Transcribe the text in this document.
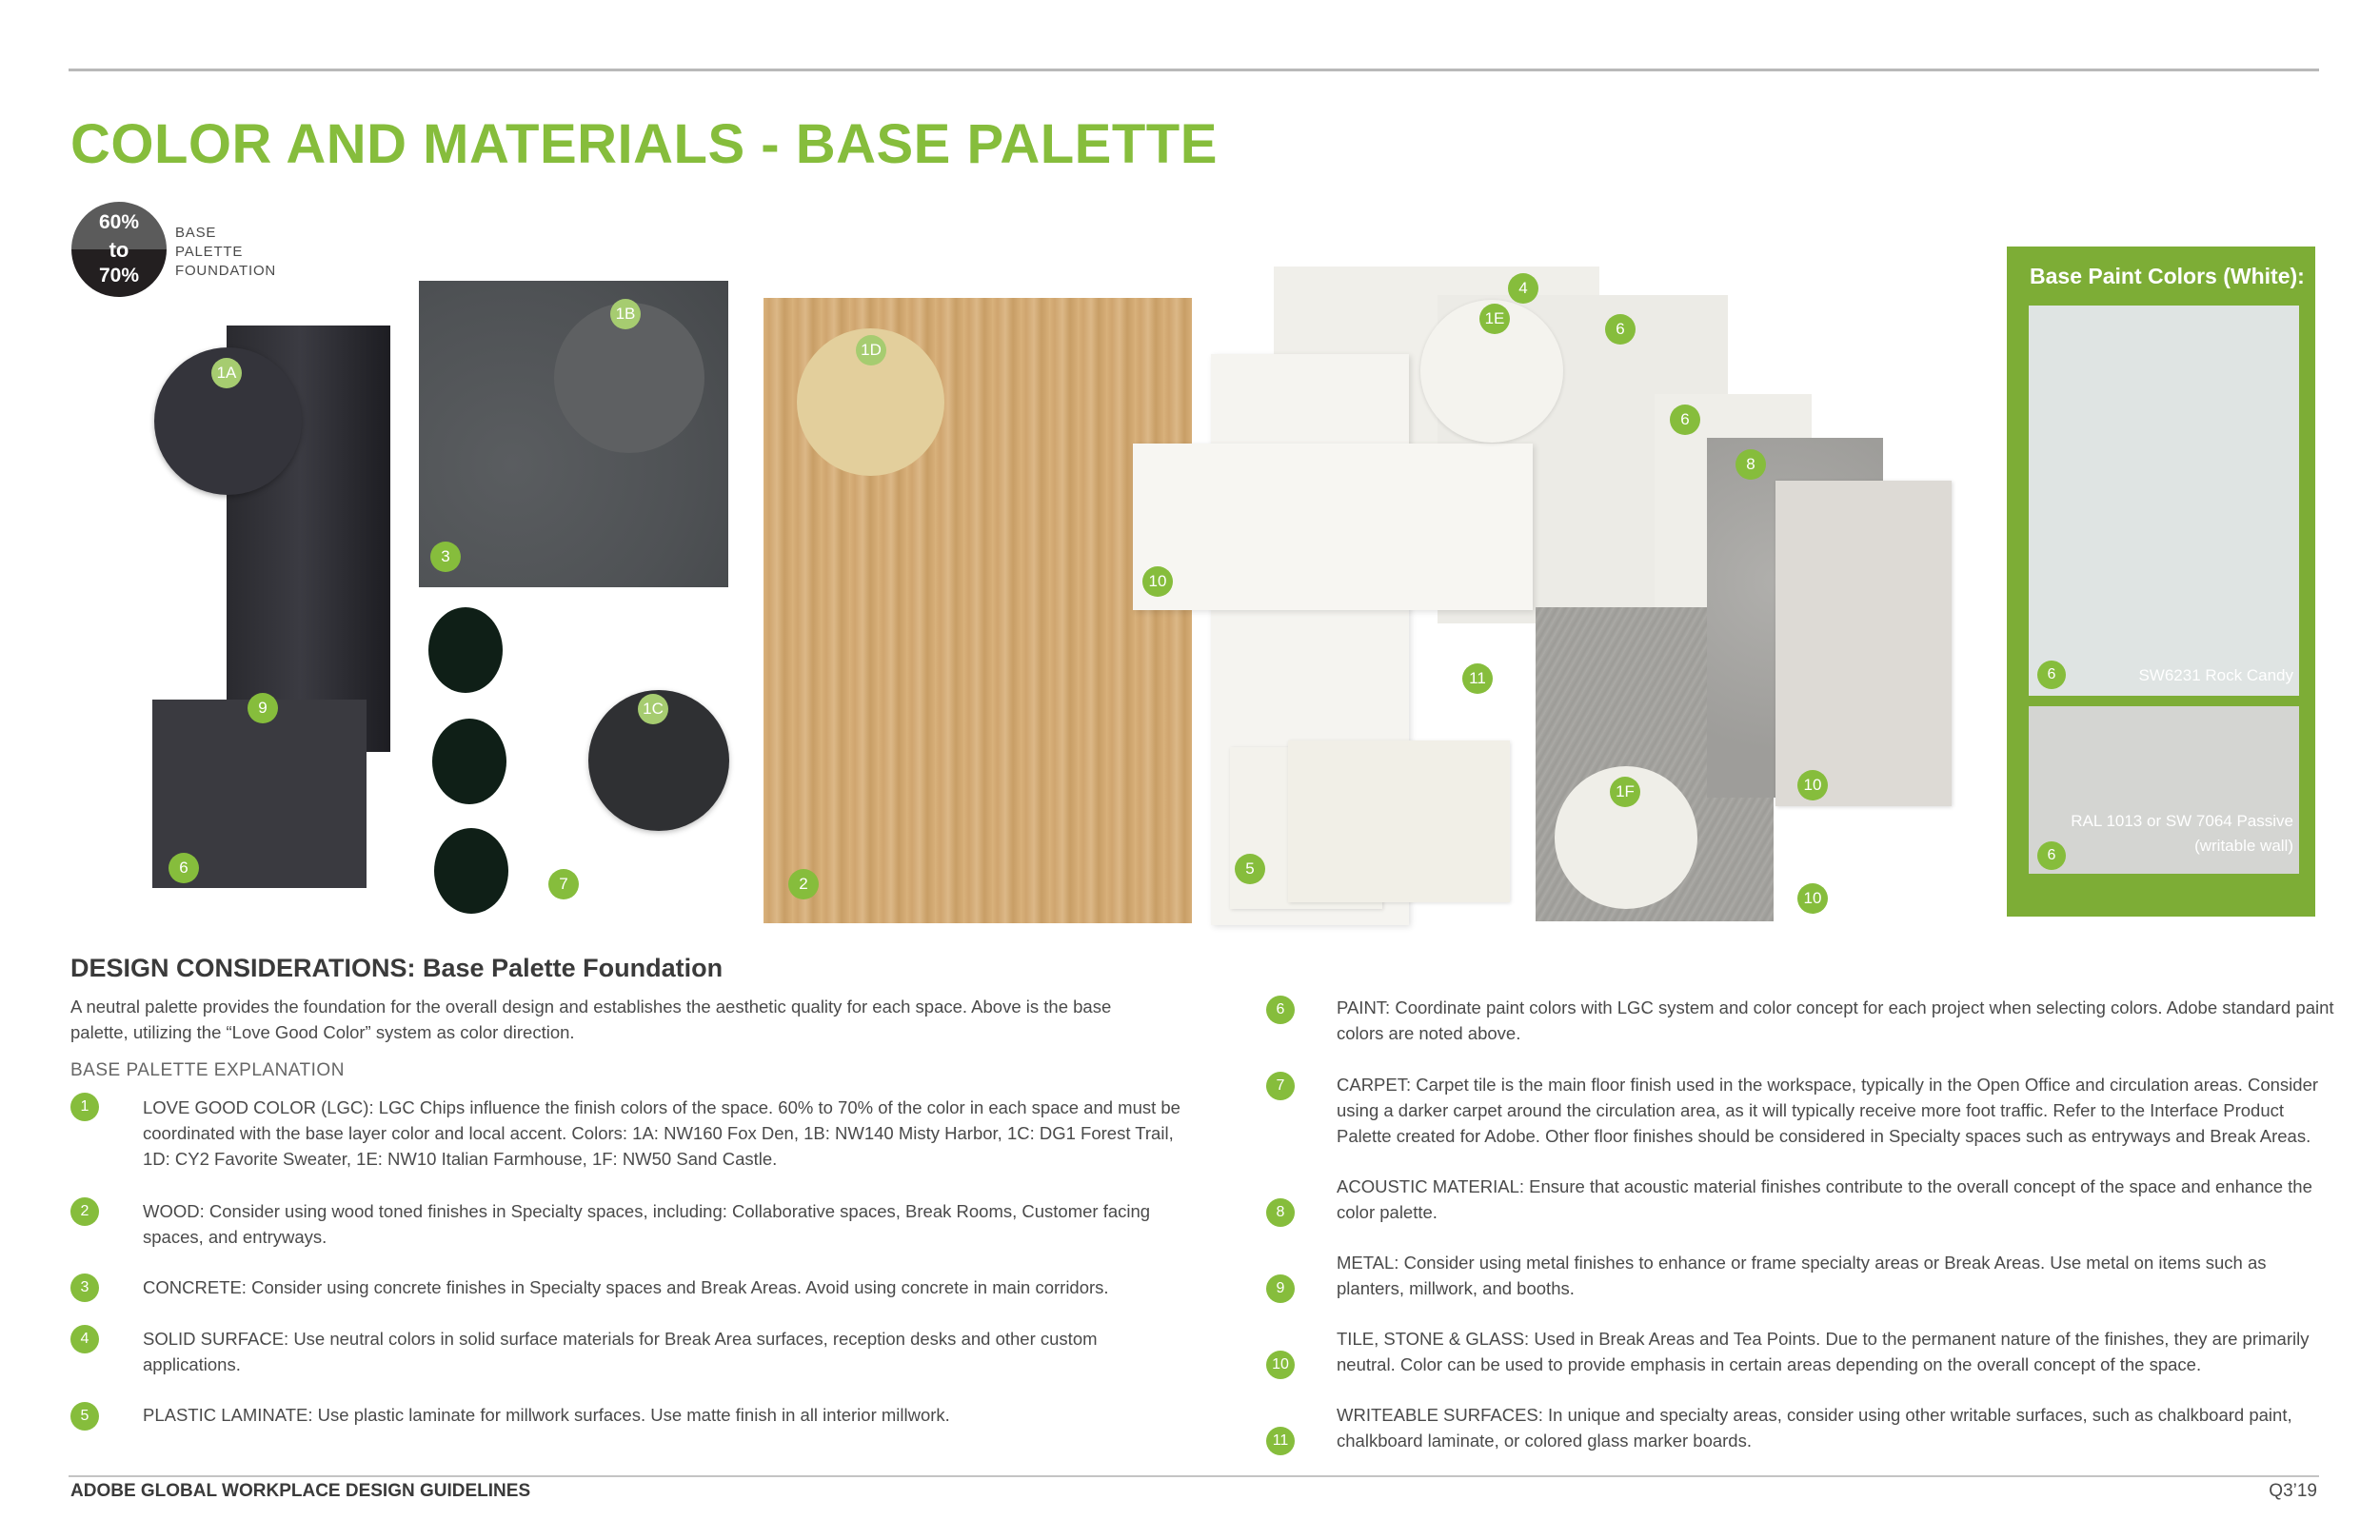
COLOR AND MATERIALS - BASE PALETTE
60%
to
70%
BASE
PALETTE
FOUNDATION
1A
1B
1C
1D
1E
1F
2
3
4
5
6
6
6
7
8
9
10
10
10
11
Base Paint Colors (White):
6	SW6231 Rock Candy
6
RAL 1013 or SW 7064 Passive
(writable wall)
DESIGN CONSIDERATIONS: Base Palette Foundation

A neutral palette provides the foundation for the overall design and establishes the aesthetic quality for each space. Above is the base palette, utilizing the “Love Good Color” system as color direction.

BASE PALETTE EXPLANATION
1	LOVE GOOD COLOR (LGC): LGC Chips influence the finish colors of the space. 60% to 70% of the color in each space and must be coordinated with the base layer color and local accent. Colors: 1A: NW160 Fox Den, 1B: NW140 Misty Harbor, 1C: DG1 Forest Trail, 1D: CY2 Favorite Sweater, 1E: NW10 Italian Farmhouse, 1F: NW50 Sand Castle.

2	WOOD: Consider using wood toned finishes in Specialty spaces, including: Collaborative spaces, Break Rooms, Customer facing spaces, and entryways.

3	CONCRETE: Consider using concrete finishes in Specialty spaces and Break Areas. Avoid using concrete in main corridors.

4	SOLID SURFACE: Use neutral colors in solid surface materials for Break Area surfaces, reception desks and other custom applications.

5	PLASTIC LAMINATE: Use plastic laminate for millwork surfaces. Use matte finish in all interior millwork.

6	PAINT: Coordinate paint colors with LGC system and color concept for each project when selecting colors. Adobe standard paint colors are noted above.

7	CARPET: Carpet tile is the main floor finish used in the workspace, typically in the Open Office and circulation areas. Consider using a darker carpet around the circulation area, as it will typically receive more foot traffic. Refer to the Interface Product Palette created for Adobe. Other floor finishes should be considered in Specialty spaces such as entryways and Break Areas.

8

ACOUSTIC MATERIAL: Ensure that acoustic material finishes contribute to the overall concept of the space and enhance the color palette.

9

METAL: Consider using metal finishes to enhance or frame specialty areas or Break Areas. Use metal on items such as planters, millwork, and booths.

10

TILE, STONE & GLASS: Used in Break Areas and Tea Points. Due to the permanent nature of the finishes, they are primarily neutral. Color can be used to provide emphasis in certain areas depending on the overall concept of the space.

11

WRITEABLE SURFACES: In unique and specialty areas, consider using other writable surfaces, such as chalkboard paint, chalkboard laminate, or colored glass marker boards.

ADOBE GLOBAL WORKPLACE DESIGN GUIDELINES	Q3’19
